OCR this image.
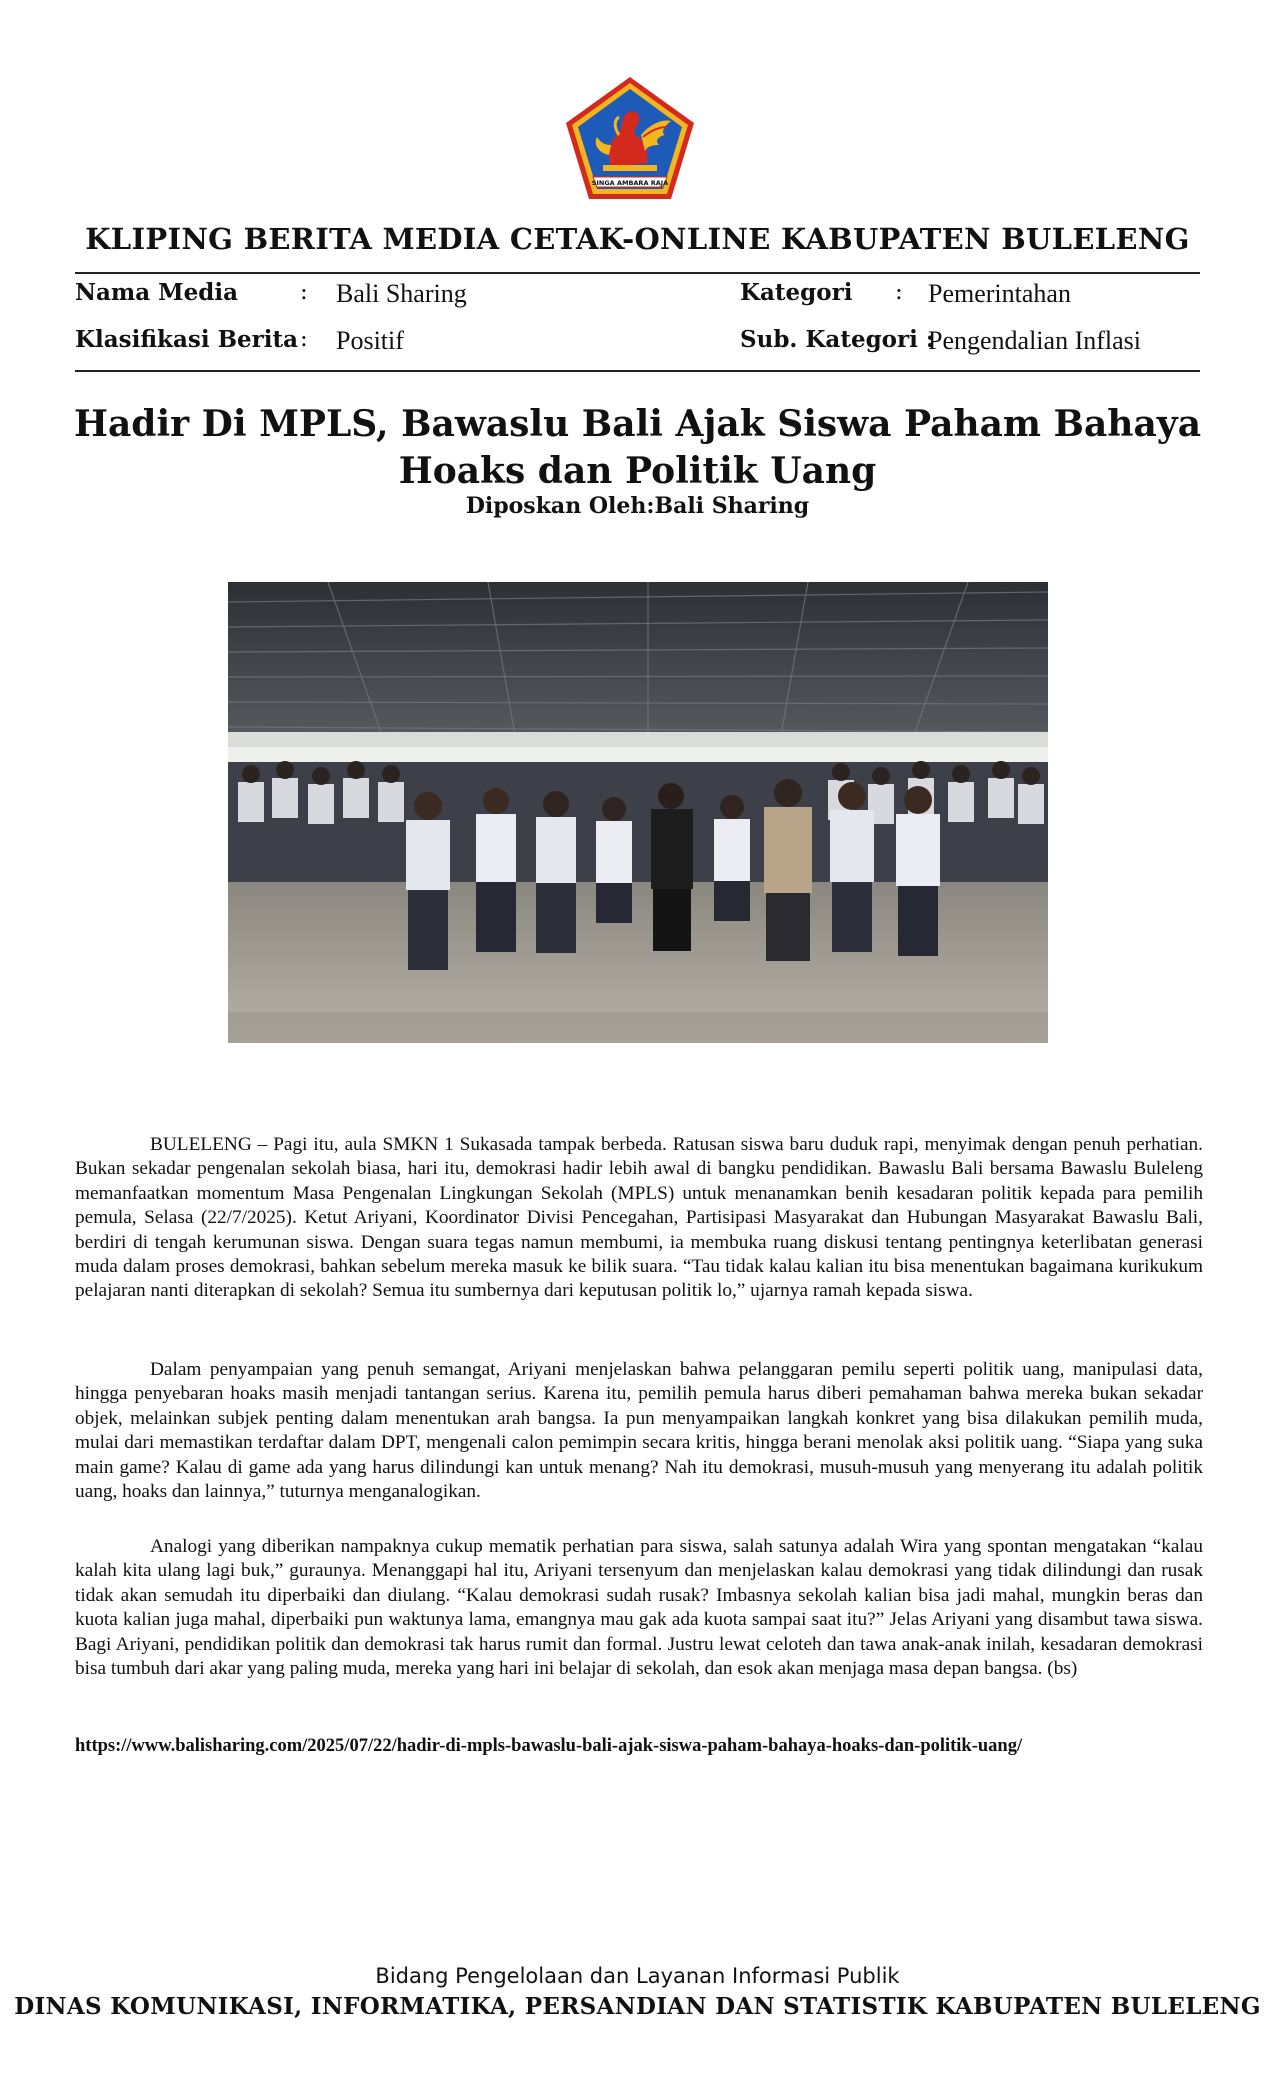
SINGA AMBARA RAJA
KLIPING BERITA MEDIA CETAK-ONLINE KABUPATEN BULELENG
Nama Media	: Bali Sharing
Klasifikasi Berita : Positif
Kategori : Pemerintahan
Sub. Kategori :
Pengendalian Inflasi
Hadir Di MPLS, Bawaslu Bali Ajak Siswa Paham Bahaya
Hoaks dan Politik Uang
Diposkan Oleh:Bali Sharing

BULELENG – Pagi itu, aula SMKN 1 Sukasada tampak berbeda. Ratusan siswa baru duduk rapi, menyimak dengan penuh perhatian. Bukan sekadar pengenalan sekolah biasa, hari itu, demokrasi hadir lebih awal di bangku pendidikan. Bawaslu Bali bersama Bawaslu Buleleng memanfaatkan momentum Masa Pengenalan Lingkungan Sekolah (MPLS) untuk menanamkan benih kesadaran politik kepada para pemilih pemula, Selasa (22/7/2025). Ketut Ariyani, Koordinator Divisi Pencegahan, Partisipasi Masyarakat dan Hubungan Masyarakat Bawaslu Bali, berdiri di tengah kerumunan siswa. Dengan suara tegas namun membumi, ia membuka ruang diskusi tentang pentingnya keterlibatan generasi muda dalam proses demokrasi, bahkan sebelum mereka masuk ke bilik suara. “Tau tidak kalau kalian itu bisa menentukan bagaimana kurikukum pelajaran nanti diterapkan di sekolah? Semua itu sumbernya dari keputusan politik lo,” ujarnya ramah kepada siswa.

Dalam penyampaian yang penuh semangat, Ariyani menjelaskan bahwa pelanggaran pemilu seperti politik uang, manipulasi data, hingga penyebaran hoaks masih menjadi tantangan serius. Karena itu, pemilih pemula harus diberi pemahaman bahwa mereka bukan sekadar objek, melainkan subjek penting dalam menentukan arah bangsa. Ia pun menyampaikan langkah konkret yang bisa dilakukan pemilih muda, mulai dari memastikan terdaftar dalam DPT, mengenali calon pemimpin secara kritis, hingga berani menolak aksi politik uang. “Siapa yang suka main game? Kalau di game ada yang harus dilindungi kan untuk menang? Nah itu demokrasi, musuh-musuh yang menyerang itu adalah politik uang, hoaks dan lainnya,” tuturnya menganalogikan.

Analogi yang diberikan nampaknya cukup mematik perhatian para siswa, salah satunya adalah Wira yang spontan mengatakan “kalau kalah kita ulang lagi buk,” guraunya. Menanggapi hal itu, Ariyani tersenyum dan menjelaskan kalau demokrasi yang tidak dilindungi dan rusak tidak akan semudah itu diperbaiki dan diulang. “Kalau demokrasi sudah rusak? Imbasnya sekolah kalian bisa jadi mahal, mungkin beras dan kuota kalian juga mahal, diperbaiki pun waktunya lama, emangnya mau gak ada kuota sampai saat itu?” Jelas Ariyani yang disambut tawa siswa. Bagi Ariyani, pendidikan politik dan demokrasi tak harus rumit dan formal. Justru lewat celoteh dan tawa anak-anak inilah, kesadaran demokrasi bisa tumbuh dari akar yang paling muda, mereka yang hari ini belajar di sekolah, dan esok akan menjaga masa depan bangsa. (bs)

https://www.balisharing.com/2025/07/22/hadir-di-mpls-bawaslu-bali-ajak-siswa-paham-bahaya-hoaks-dan-politik-uang/
Bidang Pengelolaan dan Layanan Informasi Publik
DINAS KOMUNIKASI, INFORMATIKA, PERSANDIAN DAN STATISTIK KABUPATEN BULELENG
